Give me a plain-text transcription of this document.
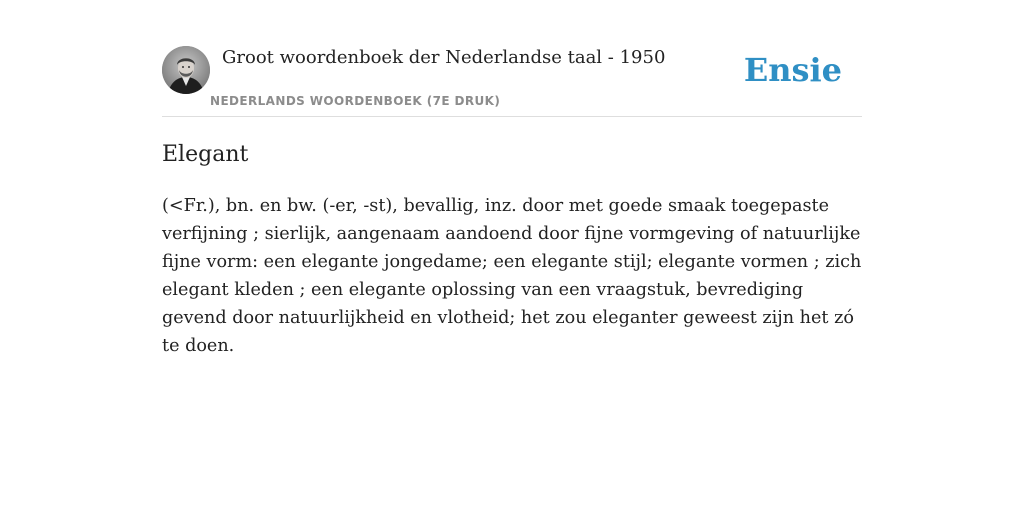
Groot woordenboek der Nederlandse taal - 1950
NEDERLANDS WOORDENBOEK (7E DRUK)
Ensie
Elegant

(<Fr.), bn. en bw. (-er, -st), bevallig, inz. door met goede smaak toegepaste verfijning ; sierlijk, aangenaam aandoend door fijne vormgeving of natuurlijke fijne vorm: een elegante jongedame; een elegante stijl; elegante vormen ; zich elegant kleden ; een elegante oplossing van een vraagstuk, bevrediging gevend door natuurlijkheid en vlotheid; het zou eleganter geweest zijn het zó te doen.
